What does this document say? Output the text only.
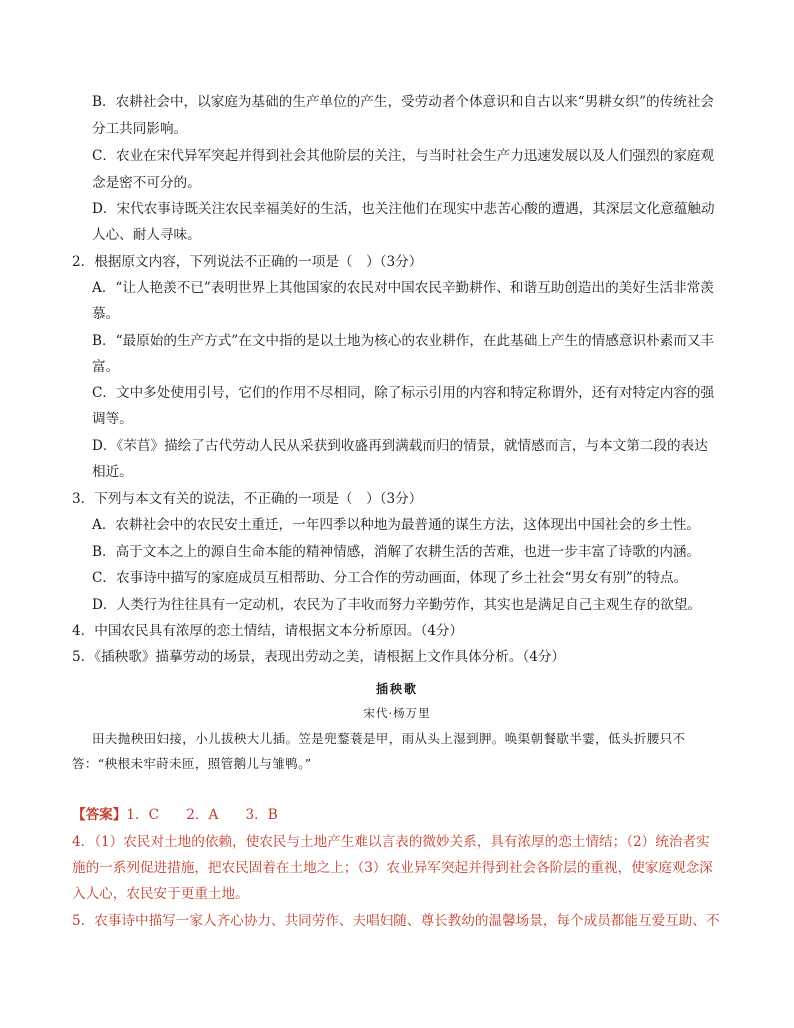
B．农耕社会中，以家庭为基础的生产单位的产生，受劳动者个体意识和自古以来“男耕女织”的传统社会
分工共同影响。
C．农业在宋代异军突起并得到社会其他阶层的关注，与当时社会生产力迅速发展以及人们强烈的家庭观
念是密不可分的。
D．宋代农事诗既关注农民幸福美好的生活，也关注他们在现实中悲苦心酸的遭遇，其深层文化意蕴触动
人心、耐人寻味。
2．根据原文内容，下列说法不正确的一项是（　）（3分）
A．“让人艳羡不已”表明世界上其他国家的农民对中国农民辛勤耕作、和谐互助创造出的美好生活非常羡
慕。
B．“最原始的生产方式”在文中指的是以土地为核心的农业耕作，在此基础上产生的情感意识朴素而又丰
富。
C．文中多处使用引号，它们的作用不尽相同，除了标示引用的内容和特定称谓外，还有对特定内容的强
调等。
D．《芣苢》描绘了古代劳动人民从采获到收盛再到满载而归的情景，就情感而言，与本文第二段的表达
相近。
3．下列与本文有关的说法，不正确的一项是（　）（3分）
A．农耕社会中的农民安土重迁，一年四季以种地为最普通的谋生方法，这体现出中国社会的乡土性。
B．高于文本之上的源自生命本能的精神情感，消解了农耕生活的苦难，也进一步丰富了诗歌的内涵。
C．农事诗中描写的家庭成员互相帮助、分工合作的劳动画面，体现了乡土社会“男女有别”的特点。
D．人类行为往往具有一定动机，农民为了丰收而努力辛勤劳作，其实也是满足自己主观生存的欲望。
4．中国农民具有浓厚的恋土情结，请根据文本分析原因。（4分）
5．《插秧歌》描摹劳动的场景，表现出劳动之美，请根据上文作具体分析。（4分）
插秧歌
宋代·杨万里
田夫抛秧田妇接，小儿拔秧大儿插。笠是兜鍪蓑是甲，雨从头上湿到胛。唤渠朝餐歇半霎，低头折腰只不
答：“秧根未牢莳未匝，照管鹅儿与雏鸭。”
【答案】1．C　　2．A　　3．B
4．（1）农民对土地的依赖，使农民与土地产生难以言表的微妙关系，具有浓厚的恋土情结；（2）统治者实
施的一系列促进措施，把农民固着在土地之上；（3）农业异军突起并得到社会各阶层的重视，使家庭观念深
入人心，农民安于更重土地。
5．农事诗中描写一家人齐心协力、共同劳作、夫唱妇随、尊长教幼的温馨场景，每个成员都能互爱互助、不
